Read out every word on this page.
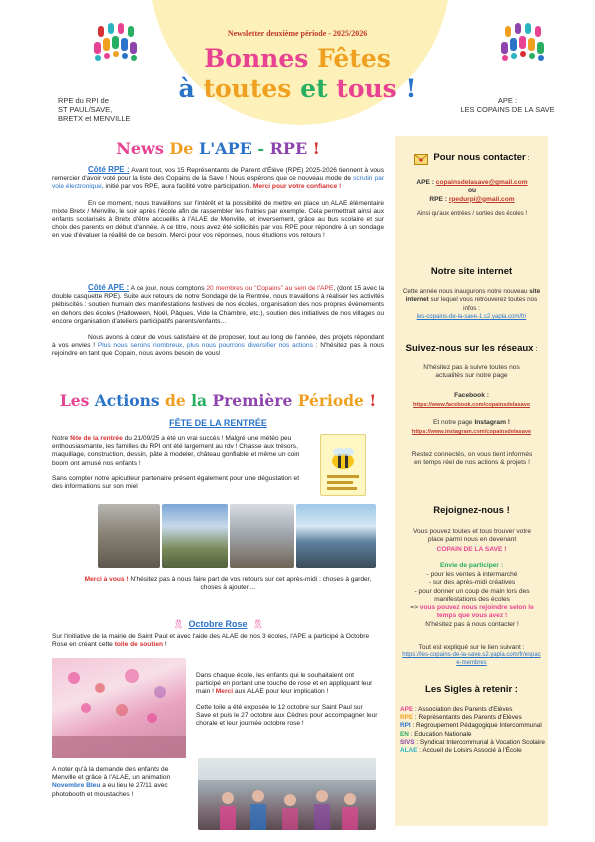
Newsletter deuxième période - 2025/2026
Bonnes Fêtes
à toutes et tous !
RPE du RPI de
ST PAUL/SAVE,
BRETX et MENVILLE
APE :
LES COPAINS DE LA SAVE
News De L'APE - RPE !

Côté RPE : Avant tout, vos 15 Représentants de Parent d'Élève (RPE) 2025-2026 tiennent à vous remercier d'avoir voté pour la liste des Copains de la Save ! Nous espérons que ce nouveau mode de scrutin par voie électronique, initié par vos RPE, aura facilité votre participation. Merci pour votre confiance !

En ce moment, nous travaillons sur l'intérêt et la possibilité de mettre en place un ALAE élémentaire mixte Bretx / Menville, le soir après l'école afin de rassembler les fratries par exemple. Cela permettrait ainsi aux enfants scolarisés à Bretx d'être accueillis à l'ALAE de Menville, et inversement, grâce au bus scolaire et sur choix des parents en début d'année. A ce titre, nous avez été sollicités par vos RPE pour répondre à un sondage en vue d'évaluer la réalité de ce besoin. Merci pour vos réponses, nous étudions vos retours !

Côté APE : A ce jour, nous comptons 20 membres ou "Copains" au sein de l'APE, (dont 15 avec la double casquette RPE). Suite aux retours de notre Sondage de la Rentrée, nous travaillons à réaliser les activités plébiscités : soutien humain des manifestations festives de nos écoles, organisation des nos propres évènements en dehors des écoles (Halloween, Noël, Pâques, Vide la Chambre, etc.), soutien des initiatives de nos villages ou encore organisation d'ateliers participatifs parents/enfants…

Nous avons à cœur de vous satisfaire et de proposer, tout au long de l'année, des projets répondant à vos envies ! Plus nous serons nombreux, plus nous pourrons diversifier nos actions : N'hésitez pas à nous rejoindre en tant que Copain, nous avons besoin de vous!

Les Actions de la Première Période !
FÊTE DE LA RENTRÉE

Notre fête de la rentrée du 21/09/25 a été un vrai succès ! Malgré une météo peu enthousiasmante, les familles du RPI ont été largement au rdv ! Chasse aux trésors, maquillage, construction, dessin, pâte à modeler, château gonflable et même un coin boom ont amusé nos enfants !

Sans compter notre apiculteur partenaire présent également pour une dégustation et des informations sur son miel

Merci à vous ! N'hésitez pas à nous faire part de vos retours sur cet après-midi : choses à garder, choses à ajouter…

🎗 Octobre Rose 🎗

Sur l'initiative de la mairie de Saint Paul et avec l'aide des ALAE de nos 3 écoles, l'APE a participé à Octobre Rose en créant cette toile de soutien !

Dans chaque école, les enfants qui le souhaitaient ont participé en portant une touche de rose et en appliquant leur main ! Merci aux ALAE pour leur implication !

Cette toile a été exposée le 12 octobre sur Saint Paul sur Save et puis le 27 octobre aux Cèdres pour accompagner leur chorale et leur journée octobre rose !

A noter qu'à la demande des enfants de Menville et grâce à l'ALAE, un animation Novembre Bleu a eu lieu le 27/11 avec photobooth et moustaches !

Pour nous contacter :
APE : copainsdelasave@gmail.com
ou
RPE : rpedurpi@gmail.com
Ainsi qu'aux entrées / sorties des écoles !
Notre site internet
Cette année nous inaugurons notre nouveau site internet sur lequel vous retrouverez toutes nos infos :
les-copains-de-la-save-1.s2.yapla.com/fr/
Suivez-nous sur les réseaux :
N'hésitez pas à suivre toutes nos actualités sur notre page
Facebook :
https://www.facebook.com/copainsdelasave
Et notre page Instagram !
https://www.instagram.com/copainsdelasave
Restez connectés, on vous tient informés en temps réel de nos actions & projets !
Rejoignez-nous !
Vous pouvez toutes et tous trouver votre place parmi nous en devenant
COPAIN DE LA SAVE !
Envie de participer :
- pour les ventes à intermarché
- sur des après-midi créatives
- pour donner un coup de main lors des manifestations des écoles
=> vous pouvez nous rejoindre selon le temps que vous avez !
N'hésitez pas à nous contacter !
Tout est expliqué sur le lien suivant :
https://les-copains-de-la-save.s2.yapla.com/fr/espace-membres
Les Sigles à retenir :
APE : Association des Parents d'Elèves
RPE : Représentants des Parents d'Elèves
RPI : Regroupement Pédagogique Intercommunal
EN : Education Nationale
SIVS : Syndicat Intercommunal à Vocation Scolaire
ALAE : Accueil de Loisirs Associé à l'École
